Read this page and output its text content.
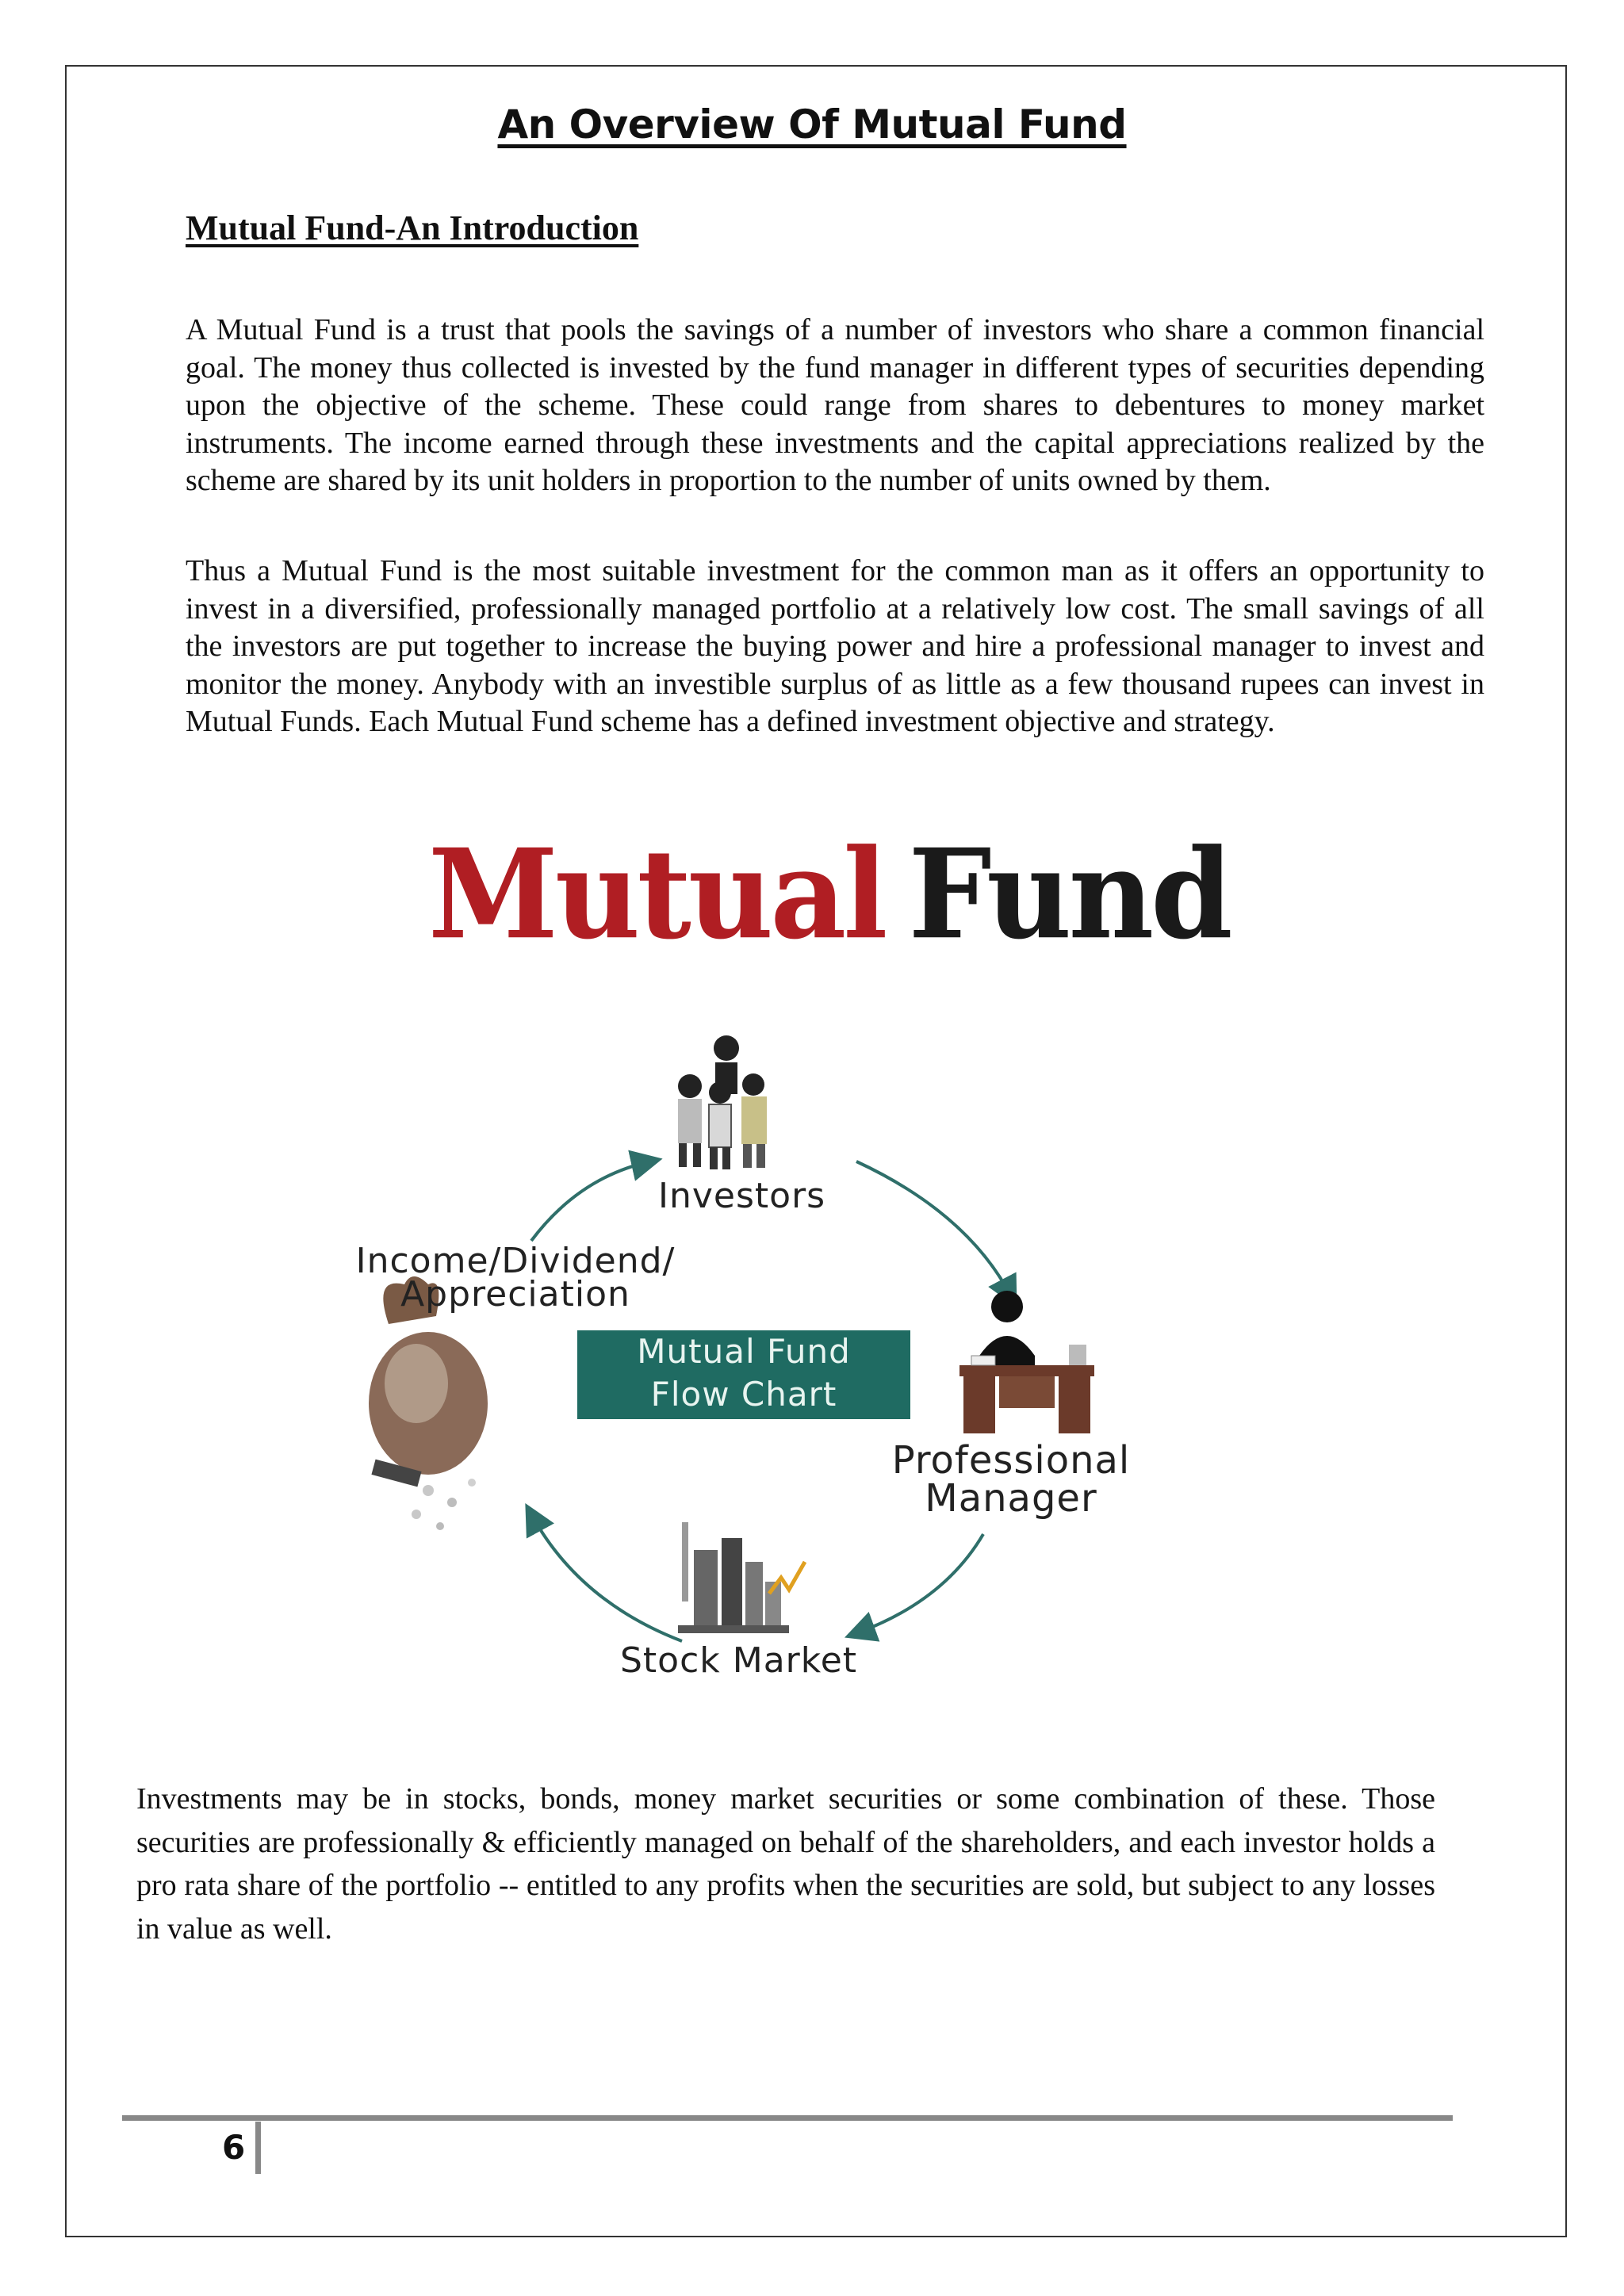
An Overview Of Mutual Fund
Mutual Fund-An Introduction

A Mutual Fund is a trust that pools the savings of a number of investors who share a common financial goal. The money thus collected is invested by the fund manager in different types of securities depending upon the objective of the scheme. These could range from shares to debentures to money market instruments. The income earned through these investments and the capital appreciations realized by the scheme are shared by its unit holders in proportion to the number of units owned by them.

Thus a Mutual Fund is the most suitable investment for the common man as it offers an opportunity to invest in a diversified, professionally managed portfolio at a relatively low cost. The small savings of all the investors are put together to increase the buying power and hire a professional manager to invest and monitor the money. Anybody with an investible surplus of as little as a few thousand rupees can invest in Mutual Funds. Each Mutual Fund scheme has a defined investment objective and strategy.

Mutual Fund
Investors
Income/Dividend/
Appreciation
Mutual Fund
Flow Chart
Professional
Manager
Stock Market

Investments may be in stocks, bonds, money market securities or some combination of these. Those securities are professionally & efficiently managed on behalf of the shareholders, and each investor holds a pro rata share of the portfolio -- entitled to any profits when the securities are sold, but subject to any losses in value as well.

6
